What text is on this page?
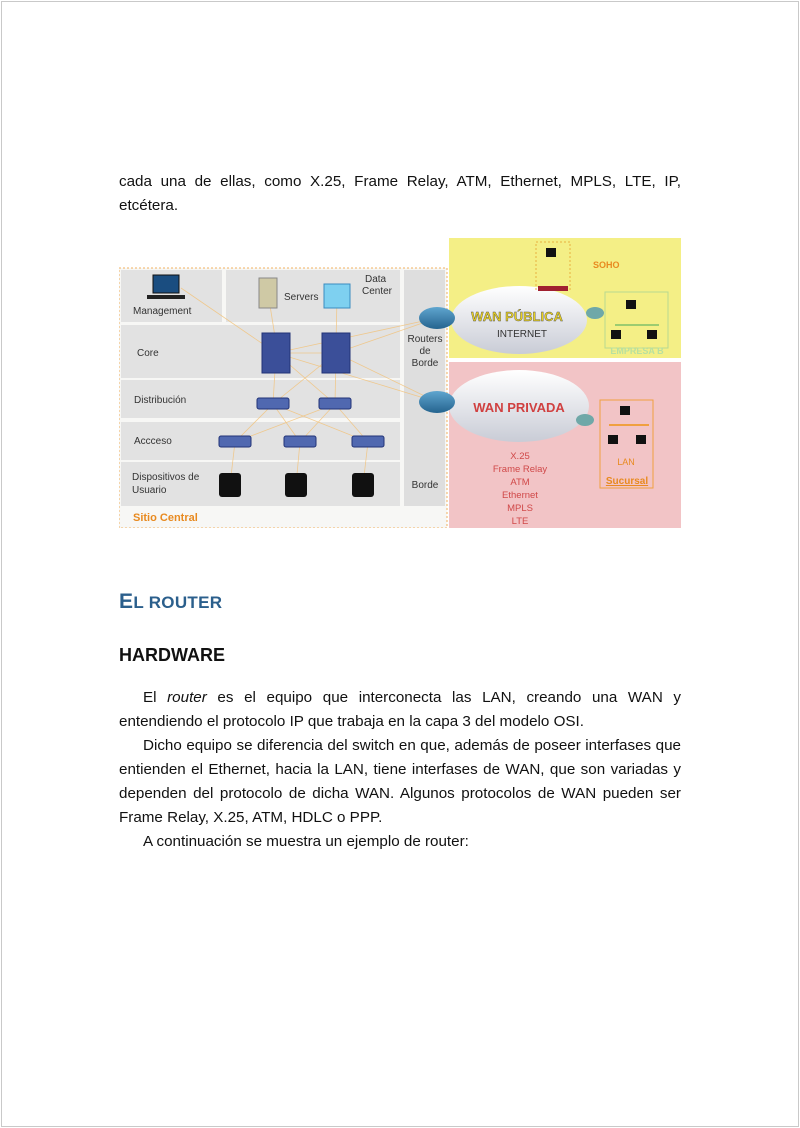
cada una de ellas, como X.25, Frame Relay, ATM, Ethernet, MPLS, LTE, IP, etcétera.
Management
Servers
Data
Center
Core
Distribución
Accceso
Dispositivos de
Usuario
Routers
de
Borde
Borde
INTERNET
Sitio Central
WAN PÚBLICA
WAN PRIVADA
SOHO
EMPRESA B
LAN
Sucursal
X.25
Frame Relay
ATM
Ethernet
MPLS
LTE
EL ROUTER
HARDWARE
El router es el equipo que interconecta las LAN, creando una WAN y entendiendo el protocolo IP que trabaja en la capa 3 del modelo OSI.
Dicho equipo se diferencia del switch en que, además de poseer interfases que entienden el Ethernet, hacia la LAN, tiene interfases de WAN, que son variadas y dependen del protocolo de dicha WAN. Algunos protocolos de WAN pueden ser Frame Relay, X.25, ATM, HDLC o PPP.
A continuación se muestra un ejemplo de router:
